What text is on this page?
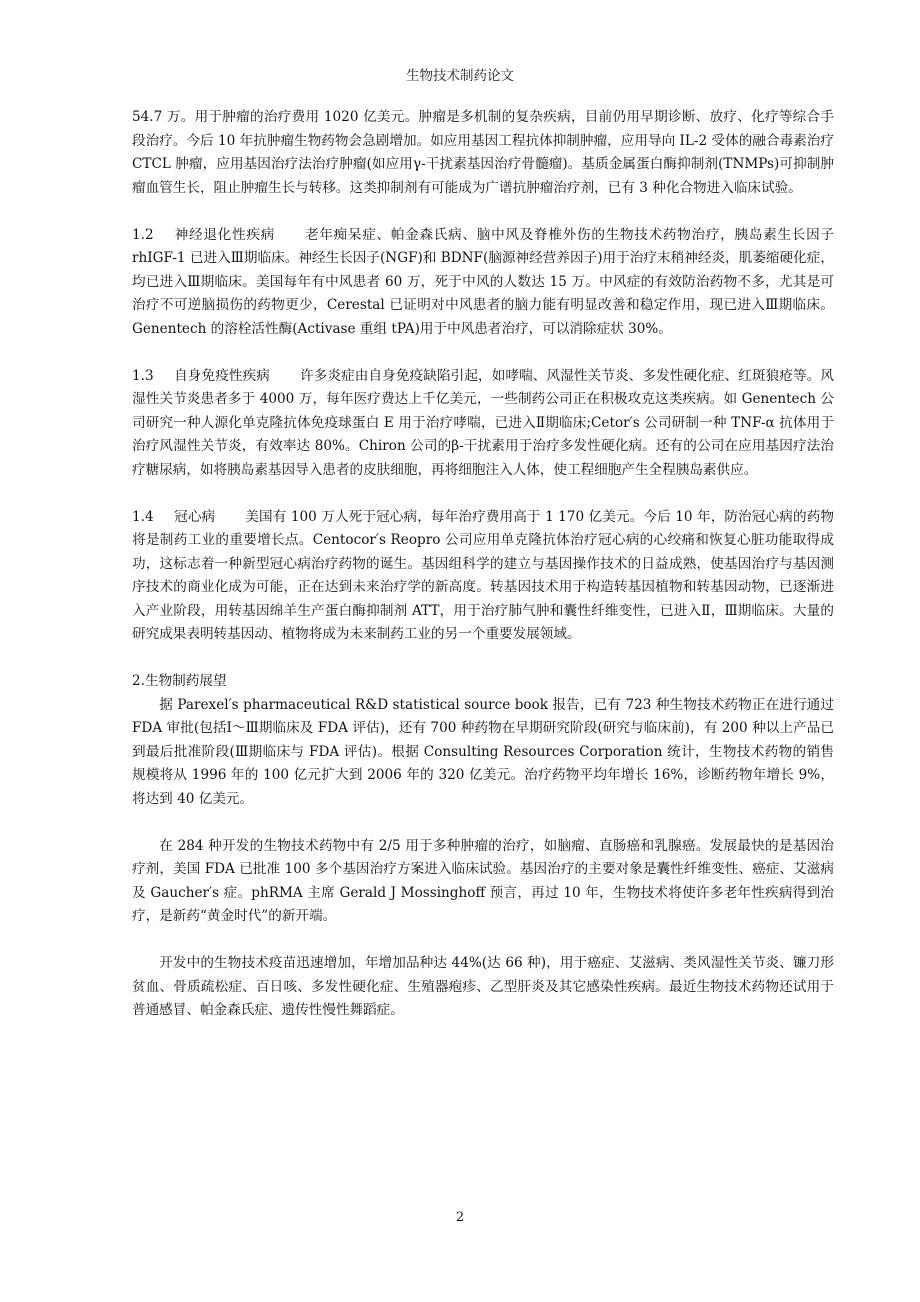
生物技术制药论文

54.7 万。用于肿瘤的治疗费用 1020 亿美元。肿瘤是多机制的复杂疾病，目前仍用早期诊断、放疗、化疗等综合手段治疗。今后 10 年抗肿瘤生物药物会急剧增加。如应用基因工程抗体抑制肿瘤，应用导向 IL-2 受体的融合毒素治疗 CTCL 肿瘤，应用基因治疗法治疗肿瘤(如应用γ-干扰素基因治疗骨髓瘤)。基质金属蛋白酶抑制剂(TNMPs)可抑制肿瘤血管生长，阻止肿瘤生长与转移。这类抑制剂有可能成为广谱抗肿瘤治疗剂，已有 3 种化合物进入临床试验。

1.2 神经退化性疾病 老年痴呆症、帕金森氏病、脑中风及脊椎外伤的生物技术药物治疗，胰岛素生长因子 rhIGF-1 已进入Ⅲ期临床。神经生长因子(NGF)和 BDNF(脑源神经营养因子)用于治疗末稍神经炎，肌萎缩硬化症，均已进入Ⅲ期临床。美国每年有中风患者 60 万，死于中风的人数达 15 万。中风症的有效防治药物不多，尤其是可治疗不可逆脑损伤的药物更少，Cerestal 已证明对中风患者的脑力能有明显改善和稳定作用，现已进入Ⅲ期临床。Genentech 的溶栓活性酶(Activase 重组 tPA)用于中风患者治疗，可以消除症状 30%。

1.3 自身免疫性疾病 许多炎症由自身免疫缺陷引起，如哮喘、风湿性关节炎、多发性硬化症、红斑狼疮等。风湿性关节炎患者多于 4000 万，每年医疗费达上千亿美元，一些制药公司正在积极攻克这类疾病。如 Genentech 公司研究一种人源化单克隆抗体免疫球蛋白 E 用于治疗哮喘，已进入Ⅱ期临床;Cetor′s 公司研制一种 TNF-α 抗体用于治疗风湿性关节炎，有效率达 80%。Chiron 公司的β-干扰素用于治疗多发性硬化病。还有的公司在应用基因疗法治疗糖尿病，如将胰岛素基因导入患者的皮肤细胞，再将细胞注入人体，使工程细胞产生全程胰岛素供应。

1.4 冠心病 美国有 100 万人死于冠心病，每年治疗费用高于 1 170 亿美元。今后 10 年，防治冠心病的药物将是制药工业的重要增长点。Centocor′s Reopro 公司应用单克隆抗体治疗冠心病的心绞痛和恢复心脏功能取得成功，这标志着一种新型冠心病治疗药物的诞生。基因组科学的建立与基因操作技术的日益成熟，使基因治疗与基因测序技术的商业化成为可能，正在达到未来治疗学的新高度。转基因技术用于构造转基因植物和转基因动物，已逐渐进入产业阶段，用转基因绵羊生产蛋白酶抑制剂 ATT，用于治疗肺气肿和囊性纤维变性，已进入Ⅱ，Ⅲ期临床。大量的研究成果表明转基因动、植物将成为未来制药工业的另一个重要发展领域。

2.生物制药展望

据 Parexel′s pharmaceutical R&D statistical source book 报告，已有 723 种生物技术药物正在进行通过 FDA 审批(包括Ⅰ～Ⅲ期临床及 FDA 评估)，还有 700 种药物在早期研究阶段(研究与临床前)，有 200 种以上产品已到最后批准阶段(Ⅲ期临床与 FDA 评估)。根据 Consulting Resources Corporation 统计，生物技术药物的销售规模将从 1996 年的 100 亿元扩大到 2006 年的 320 亿美元。治疗药物平均年增长 16%，诊断药物年增长 9%，将达到 40 亿美元。

在 284 种开发的生物技术药物中有 2/5 用于多种肿瘤的治疗，如脑瘤、直肠癌和乳腺癌。发展最快的是基因治疗剂，美国 FDA 已批准 100 多个基因治疗方案进入临床试验。基因治疗的主要对象是囊性纤维变性、癌症、艾滋病及 Gaucher′s 症。phRMA 主席 Gerald J Mossinghoff 预言，再过 10 年，生物技术将使许多老年性疾病得到治疗，是新药“黄金时代”的新开端。

开发中的生物技术疫苗迅速增加，年增加品种达 44%(达 66 种)，用于癌症、艾滋病、类风湿性关节炎、镰刀形贫血、骨质疏松症、百日咳、多发性硬化症、生殖器疱疹、乙型肝炎及其它感染性疾病。最近生物技术药物还试用于普通感冒、帕金森氏症、遗传性慢性舞蹈症。

2
